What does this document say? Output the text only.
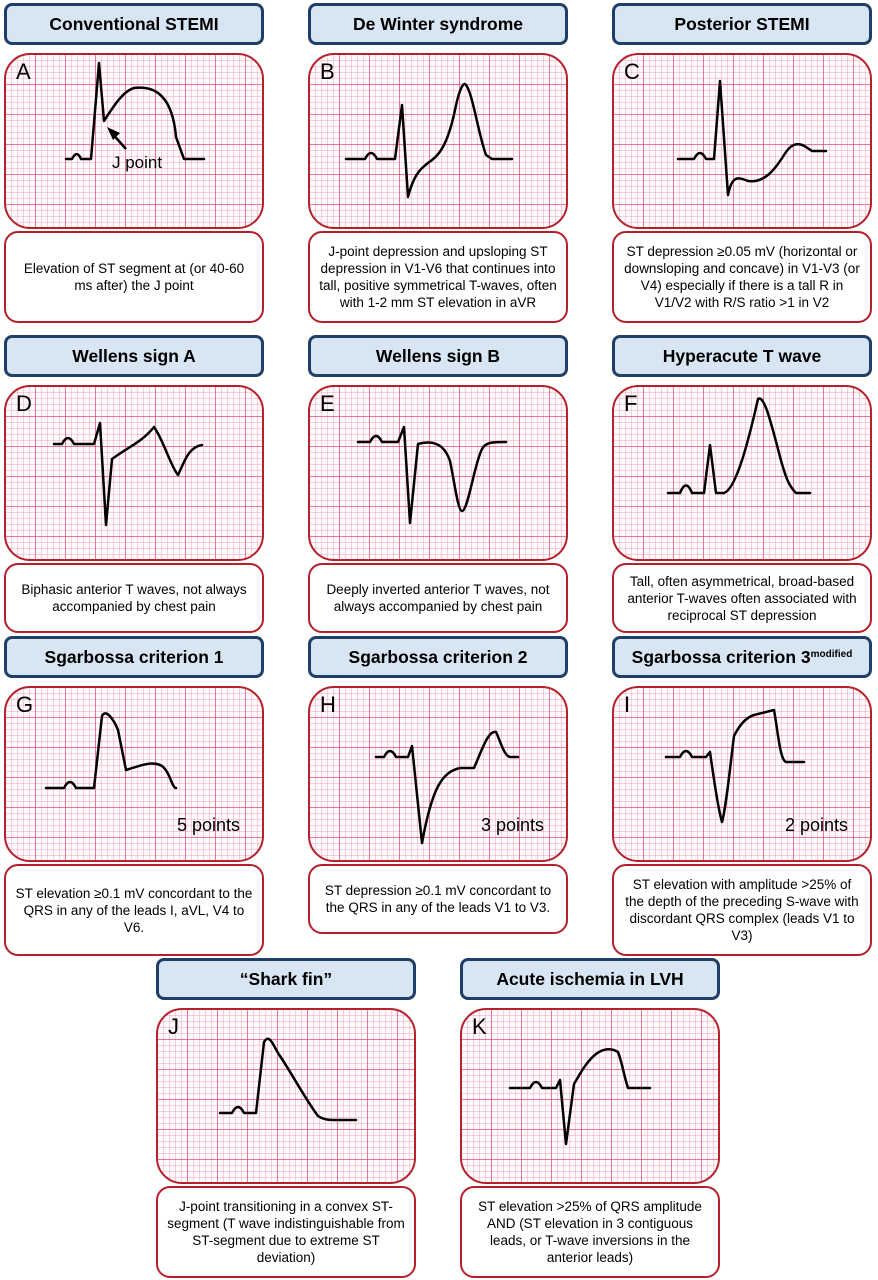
Conventional STEMI
A
J point
Elevation of ST segment at (or 40-60 ms after) the J point
De Winter syndrome
B
J-point depression and upsloping ST depression in V1-V6 that continues into tall, positive symmetrical T-waves, often with 1-2 mm ST elevation in aVR
Posterior STEMI
C
ST depression ≥0.05 mV (horizontal or downsloping and concave) in V1-V3 (or V4) especially if there is a tall R in V1/V2 with R/S ratio >1 in V2
Wellens sign A
D
Biphasic anterior T waves, not always accompanied by chest pain
Wellens sign B
E
Deeply inverted anterior T waves, not always accompanied by chest pain
Hyperacute T wave
F
Tall, often asymmetrical, broad-based anterior T-waves often associated with reciprocal ST depression
Sgarbossa criterion 1
G
5 points
ST elevation ≥0.1 mV concordant to the QRS in any of the leads I, aVL, V4 to V6.
Sgarbossa criterion 2
H
3 points
ST depression ≥0.1 mV concordant to the QRS in any of the leads V1 to V3.
Sgarbossa criterion $3^{modified}$
I
2 points
ST elevation with amplitude >25% of the depth of the preceding S-wave with discordant QRS complex (leads V1 to V3)
“Shark fin”
J
J-point transitioning in a convex ST-segment (T wave indistinguishable from ST-segment due to extreme ST deviation)
Acute ischemia in LVH
K
ST elevation >25% of QRS amplitude AND (ST elevation in 3 contiguous leads, or T-wave inversions in the anterior leads)
